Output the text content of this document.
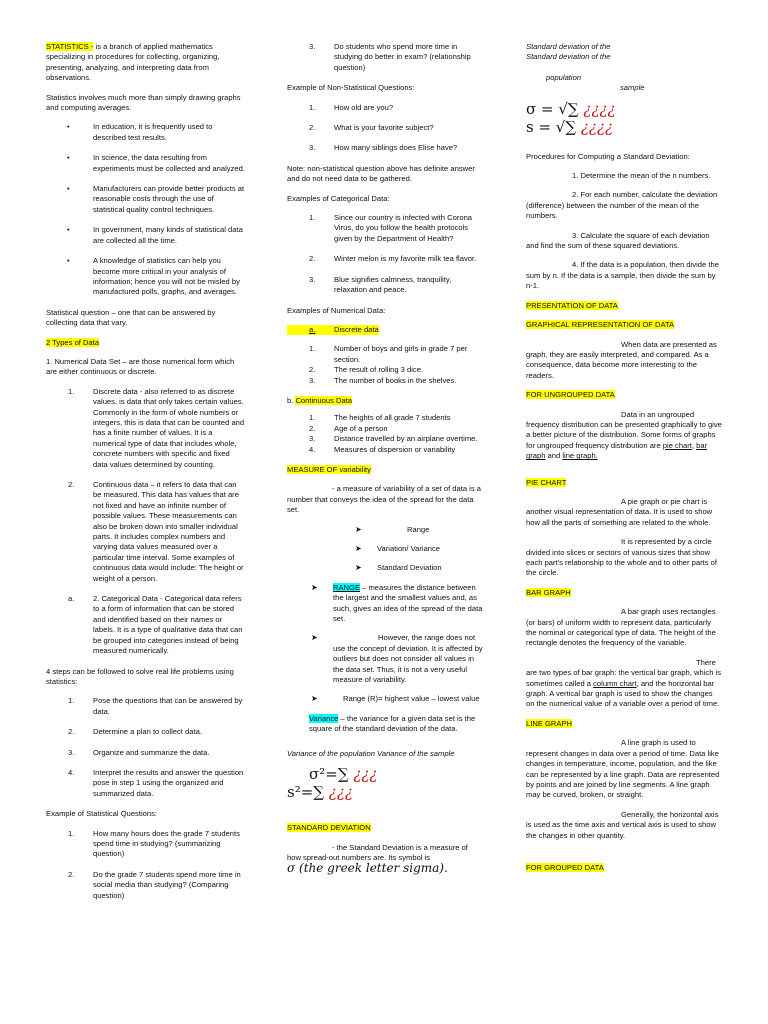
STATISTICS - is a branch of applied mathematics specializing in procedures for collecting, organizing, presenting, analyzing, and interpreting data from observations.

Statistics involves much more than simply drawing graphs and computing averages.

•	In education, it is frequently used to described test results.
•	In science, the data resulting from experiments must be collected and analyzed.
•	Manufacturers can provide better products at reasonable costs through the use of statistical quality control techniques.
•	In government, many kinds of statistical data are collected all the time.
•	A knowledge of statistics can help you become more critical in your analysis of information; hence you will not be misled by manufactured polls, graphs, and averages.

Statistical question – one that can be answered by collecting data that vary.

2 Types of Data

1. Numerical Data Set – are those numerical form which are either continuous or discrete.

1.	Discrete data - also referred to as discrete values, is data that only takes certain values. Commonly in the form of whole numbers or integers, this is data that can be counted and has a finite number of values. It is a numerical type of data that includes whole, concrete numbers with specific and fixed data values determined by counting.
2.	Continuous data – it refers to data that can be measured. This data has values that are not fixed and have an infinite number of possible values. These measurements can also be broken down into smaller individual parts. It includes complex numbers and varying data values measured over a particular time interval. Some examples of continuous data would include: The height or weight of a person.
a.	2. Categorical Data - Categorical data refers to a form of information that can be stored and identified based on their names or labels. It is a type of qualitative data that can be grouped into categories instead of being measured numerically.

4 steps can be followed to solve real life problems using statistics:

1.	Pose the questions that can be answered by data.
2.	Determine a plan to collect data.
3.	Organize and summarize the data.
4.	Interpret the results and answer the question pose in step 1 using the organized and summarized data.

Example of Statistical Questions:

1.	How many hours does the grade 7 students spend time in studying? (summarizing question)
2.	Do the grade 7 students spend more time in social media than studying? (Comparing question)
3.	Do students who spend more time in studying do better in exam? (relationship question)

Example of Non-Statistical Questions:

1.	How old are you?
2.	What is your favorite subject?
3.	How many siblings does Elise have?

Note: non-statistical question above has definite answer and do not need data to be gathered.

Examples of Categorical Data:

1.	Since our country is infected with Corona Virus, do you follow the health protocols given by the Department of Health?
2.	Winter melon is my favorite milk tea flavor.
3.	Blue signifies calmness, tranquility, relaxation and peace.

Examples of Numerical Data:

a.	Discrete data
1.	Number of boys and girls in grade 7 per section.
2.	The result of rolling 3 dice.
3.	The number of books in the shelves.

b. Continuous Data

1.	The heights of all grade 7 students
2.	Age of a person
3.	Distance travelled by an airplane overtime.
4.	Measures of dispersion or variability

MEASURE OF variability

- a measure of variability of a set of data is a number that conveys the idea of the spread for the data set.

➤	Range
➤	Variation/ Variance
➤	Standard Deviation
➤	RANGE – measures the distance between the largest and the smallest values and, as such, gives an idea of the spread of the data set.
➤	However, the range does not use the concept of deviation. It is affected by outliers but does not consider all values in the data set. Thus, it is not a very useful measure of variability.
➤	Range (R)= highest value – lowest value
Variance – the variance for a given data set is the square of the standard deviation of the data.

Variance of the population Variance of the sample

σ²=∑ ¿¿¿
s²=∑ ¿¿¿

STANDARD DEVIATION

- the Standard Deviation is a measure of how spread-out numbers are. Its symbol is

σ (the greek letter sigma).
Standard deviation of the
Standard deviation of the
population
sample
σ = √∑ ¿¿¿¿
s = √∑ ¿¿¿¿

Procedures for Computing a Standard Deviation:

1. Determine the mean of the n numbers.

2. For each number, calculate the deviation (difference) between the number of the mean of the numbers.

3. Calculate the square of each deviation and find the sum of these squared deviations.

4. If the data is a population, then divide the sum by n. If the data is a sample, then divide the sum by n-1.

PRESENTATION OF DATA

GRAPHICAL REPRESENTATION OF DATA

When data are presented as graph, they are easily interpreted, and compared. As a consequence, data become more interesting to the readers.

FOR UNGROUPED DATA

Data in an ungrouped frequency distribution can be presented graphically to give a better picture of the distribution. Some forms of graphs for ungrouped frequency distribution are pie chart, bar graph and line graph.

PIE CHART

A pie graph or pie chart is another visual representation of data. It is used to show how all the parts of something are related to the whole.

It is represented by a circle divided into slices or sectors of various sizes that show each part's relationship to the whole and to other parts of the circle.

BAR GRAPH

A bar graph uses rectangles (or bars) of uniform width to represent data, particularly the nominal or categorical type of data. The height of the rectangle denotes the frequency of the variable.

There are two types of bar graph: the vertical bar graph, which is sometimes called a column chart, and the horizontal bar graph. A vertical bar graph is used to show the changes on the numerical value of a variable over a period of time.

LINE GRAPH

A line graph is used to represent changes in data over a period of time. Data like changes in temperature, income, population, and the like can be represented by a line graph. Data are represented by points and are joined by line segments. A line graph may be curved, broken, or straight.

Generally, the horizontal axis is used as the time axis and vertical axis is used to show the changes in other quantity.

FOR GROUPED DATA
